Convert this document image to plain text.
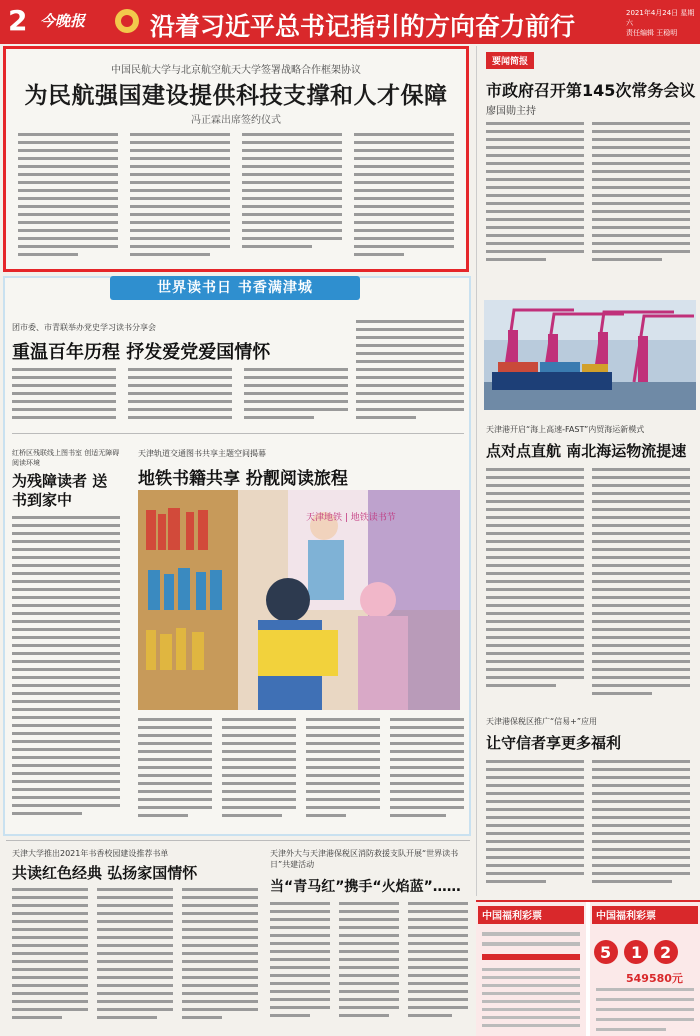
2 今晚报	沿着习近平总书记指引的方向奋力前行	2021年4月24日 星期六
责任编辑 王稳明
中国民航大学与北京航空航天大学签署战略合作框架协议
为民航强国建设提供科技支撑和人才保障
冯正霖出席签约仪式
要闻简报
市政府召开第145次常务会议
廖国勋主持
天津港开启“海上高速-FAST”内贸海运新模式
点对点直航 南北海运物流提速
天津港保税区推广“信易+”应用
让守信者享更多福利
中国福利彩票	中国福利彩票
5 1 2
549580元
世界读书日 书香满津城
团市委、市青联举办党史学习读书分享会
重温百年历程 抒发爱党爱国情怀
红桥区残联线上图书室 创适无障碍阅读环境
为残障读者 送书到家中
天津轨道交通图书共享主题空间揭幕
地铁书籍共享 扮靓阅读旅程
天津地铁 | 地铁读书节
天津大学推出2021年书香校园建设推荐书单
共读红色经典 弘扬家国情怀
天津外大与天津港保税区消防救援支队开展“世界读书日”共建活动
当“青马红”携手“火焰蓝”……
